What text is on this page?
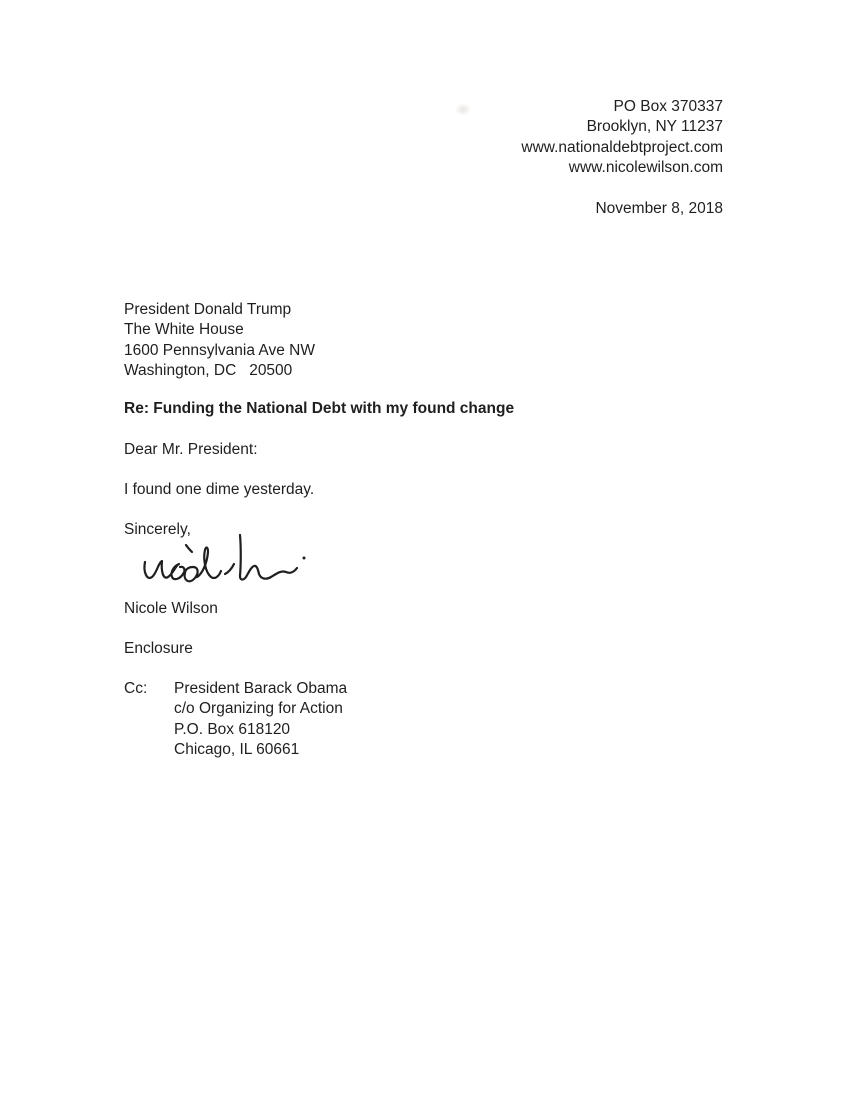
PO Box 370337
Brooklyn, NY 11237
www.nationaldebtproject.com
www.nicolewilson.com
November 8, 2018
President Donald Trump
The White House
1600 Pennsylvania Ave NW
Washington, DC   20500
Re: Funding the National Debt with my found change
Dear Mr. President:
I found one dime yesterday.
Sincerely,
Nicole Wilson
Enclosure
Cc:	President Barack Obama
c/o Organizing for Action
P.O. Box 618120
Chicago, IL 60661
